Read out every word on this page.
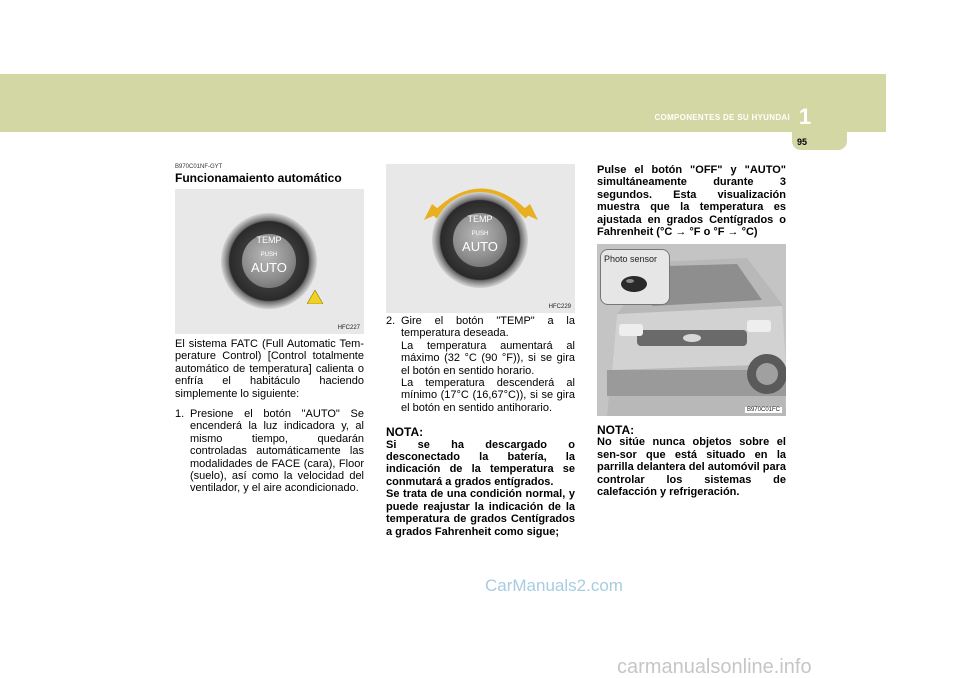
COMPONENTES DE SU HYUNDAI 1
95
B970C01NF-GYT
Funcionamaiento automático
TEMP
PUSH
AUTO
HFC227

El sistema FATC (Full Automatic Tem-perature Control) [Control totalmente automático de temperatura] calienta o enfría el habitáculo haciendo simplemente lo siguiente:

1. Presione el botón "AUTO" Se encenderá la luz indicadora y, al mismo tiempo, quedarán controladas automáticamente las modalidades de FACE (cara), Floor (suelo), así como la velocidad del ventilador, y el aire acondicionado.
TEMP
PUSH
AUTO
HFC229
2. Gire el botón "TEMP" a la temperatura deseada.

La temperatura aumentará al máximo (32 °C (90 °F)), si se gira el botón en sentido horario.

La temperatura descenderá al mínimo (17°C (16,67°C)), si se gira el botón en sentido antihorario.

NOTA:

Si se ha descargado o desconectado la batería, la indicación de la temperatura se conmutará a grados entígrados.

Se trata de una condición normal, y puede reajustar la indicación de la temperatura de grados Centígrados a grados Fahrenheit como sigue;

Pulse el botón "OFF" y "AUTO" simultáneamente durante 3 segundos. Esta visualización muestra que la temperatura es ajustada en grados Centígrados o Fahrenheit (°C → °F o °F → °C)
Photo sensor
B970C01FC

NOTA:

No sitúe nunca objetos sobre el sen-sor que está situado en la parrilla delantera del automóvil para controlar los sistemas de calefacción y refrigeración.

CarManuals2.com
carmanualsonline.info
